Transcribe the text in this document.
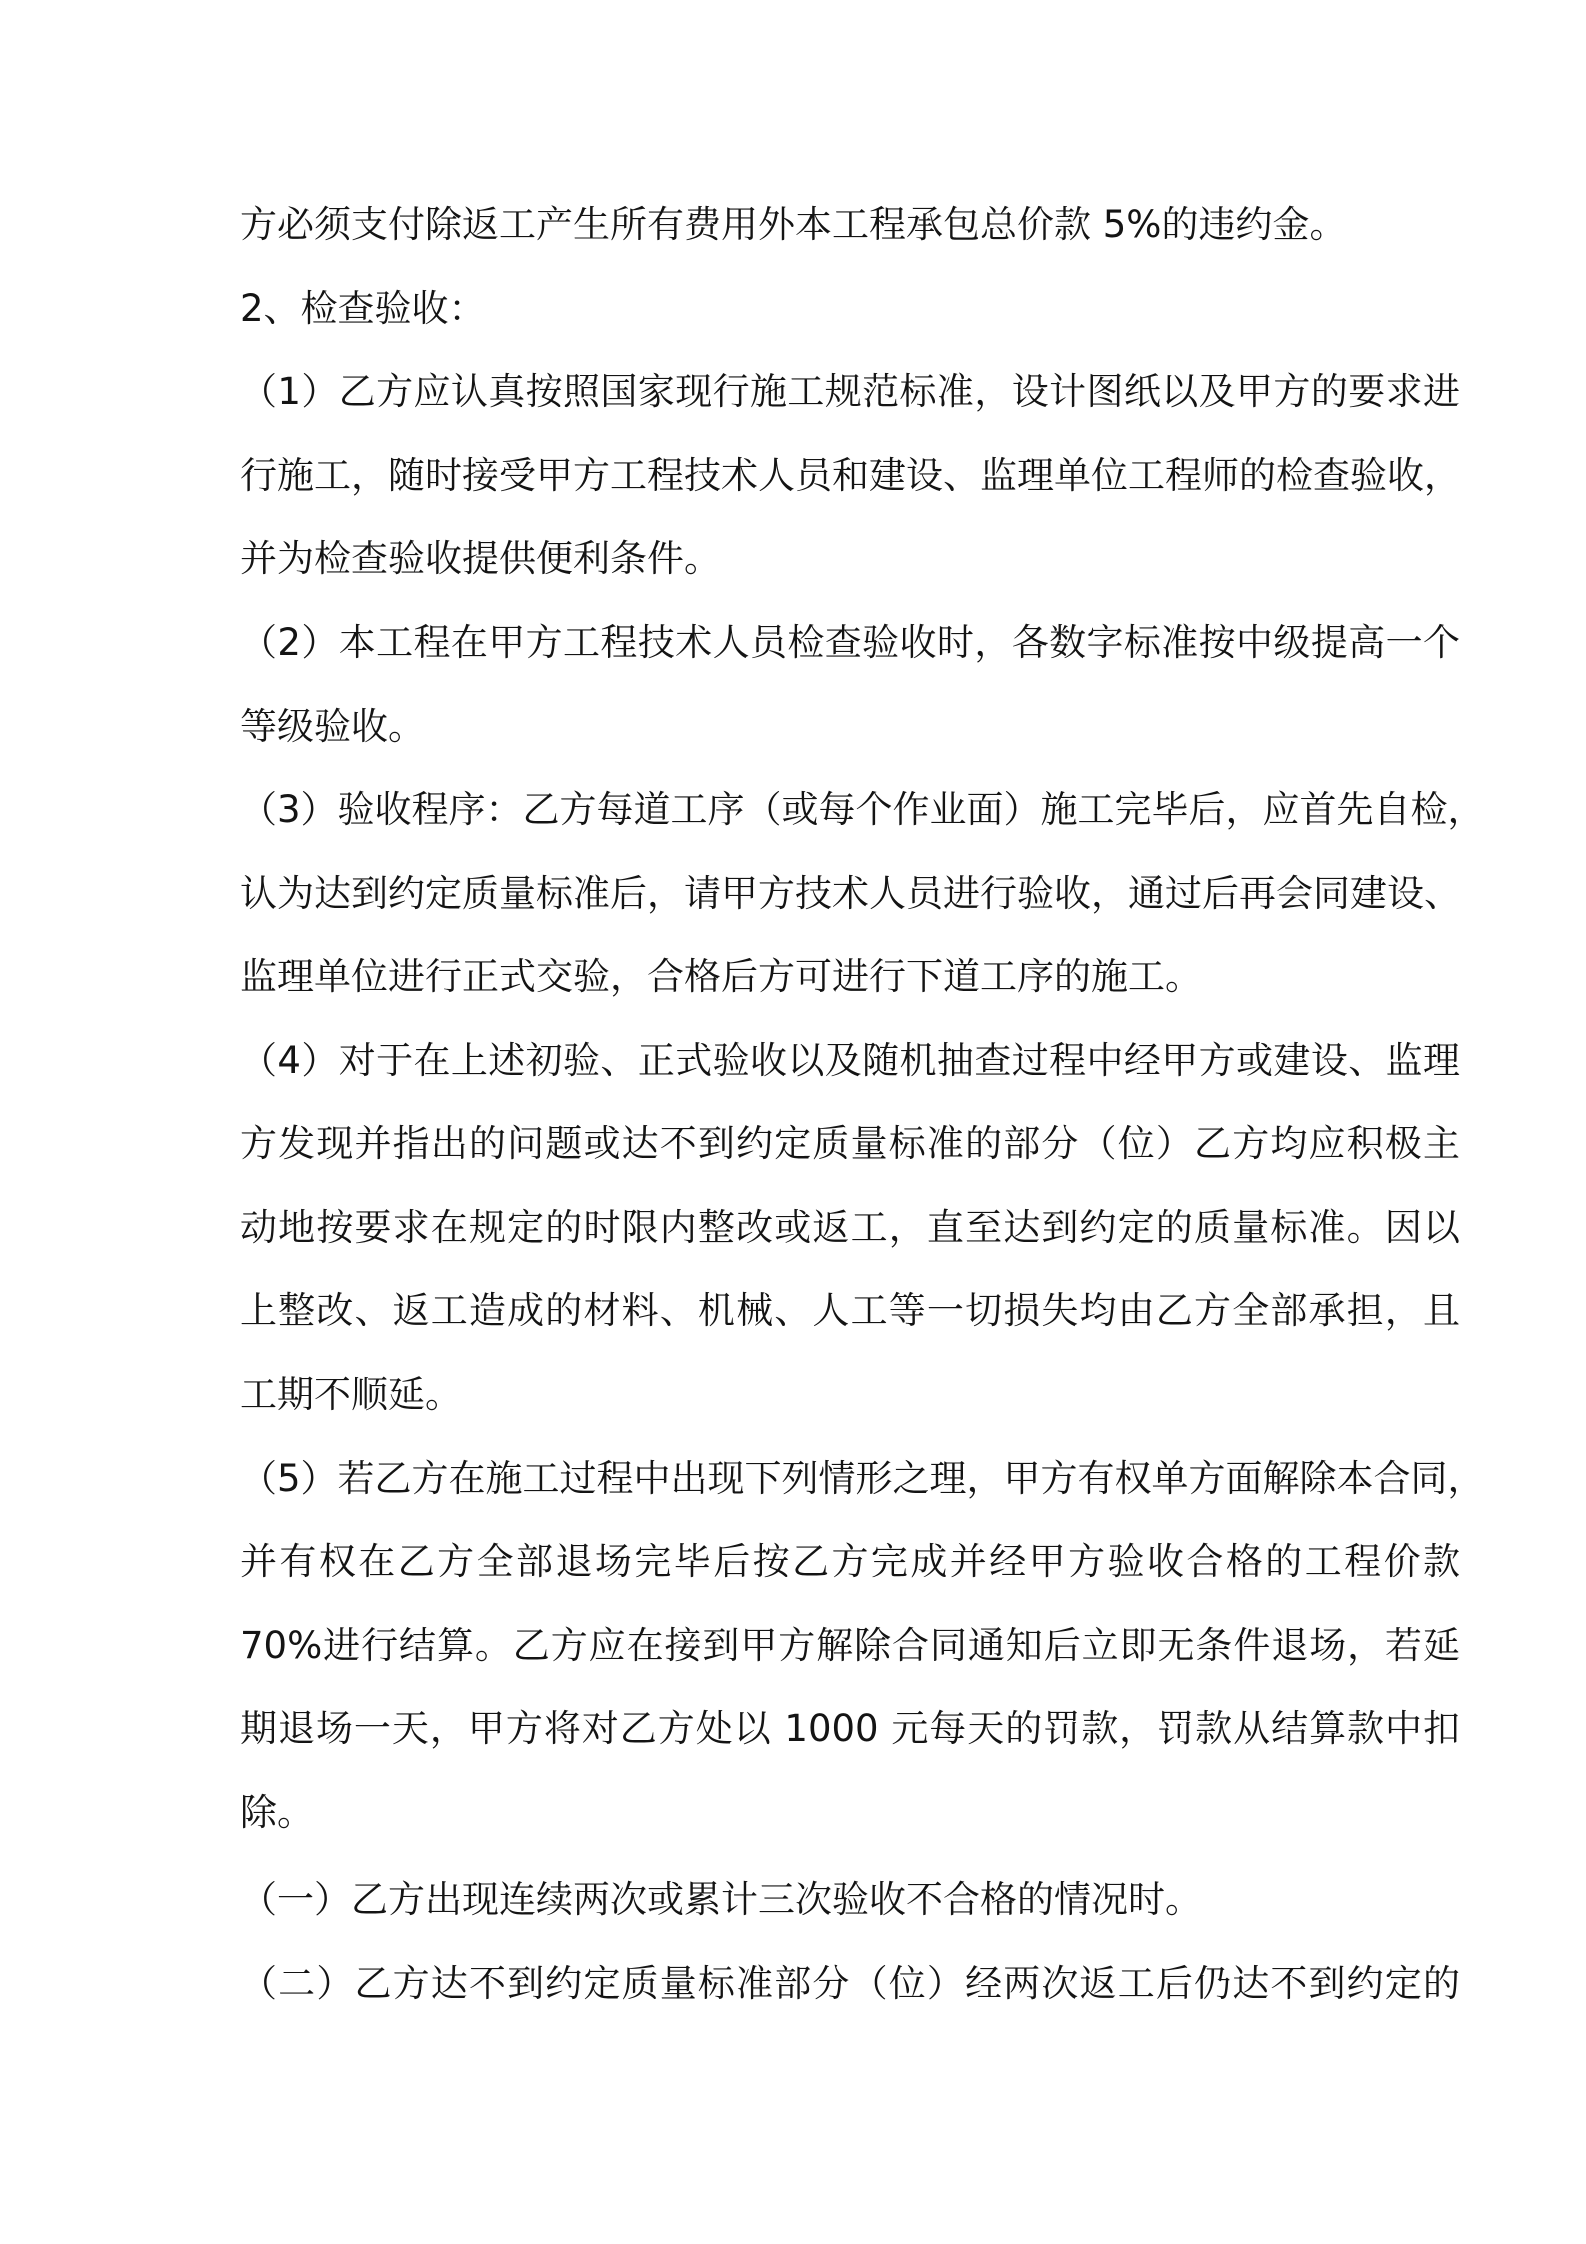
方必须支付除返工产生所有费用外本工程承包总价款 5%的违约金。
2、检查验收：
（1）乙方应认真按照国家现行施工规范标准，设计图纸以及甲方的要求进
行施工，随时接受甲方工程技术人员和建设、监理单位工程师的检查验收，
并为检查验收提供便利条件。
（2）本工程在甲方工程技术人员检查验收时，各数字标准按中级提高一个
等级验收。
（3）验收程序：乙方每道工序（或每个作业面）施工完毕后，应首先自检，
认为达到约定质量标准后，请甲方技术人员进行验收，通过后再会同建设、
监理单位进行正式交验，合格后方可进行下道工序的施工。
（4）对于在上述初验、正式验收以及随机抽查过程中经甲方或建设、监理
方发现并指出的问题或达不到约定质量标准的部分（位）乙方均应积极主
动地按要求在规定的时限内整改或返工，直至达到约定的质量标准。因以
上整改、返工造成的材料、机械、人工等一切损失均由乙方全部承担，且
工期不顺延。
（5）若乙方在施工过程中出现下列情形之理，甲方有权单方面解除本合同，
并有权在乙方全部退场完毕后按乙方完成并经甲方验收合格的工程价款
70%进行结算。乙方应在接到甲方解除合同通知后立即无条件退场，若延
期退场一天，甲方将对乙方处以 1000 元每天的罚款，罚款从结算款中扣
除。
（一）乙方出现连续两次或累计三次验收不合格的情况时。
（二）乙方达不到约定质量标准部分（位）经两次返工后仍达不到约定的
